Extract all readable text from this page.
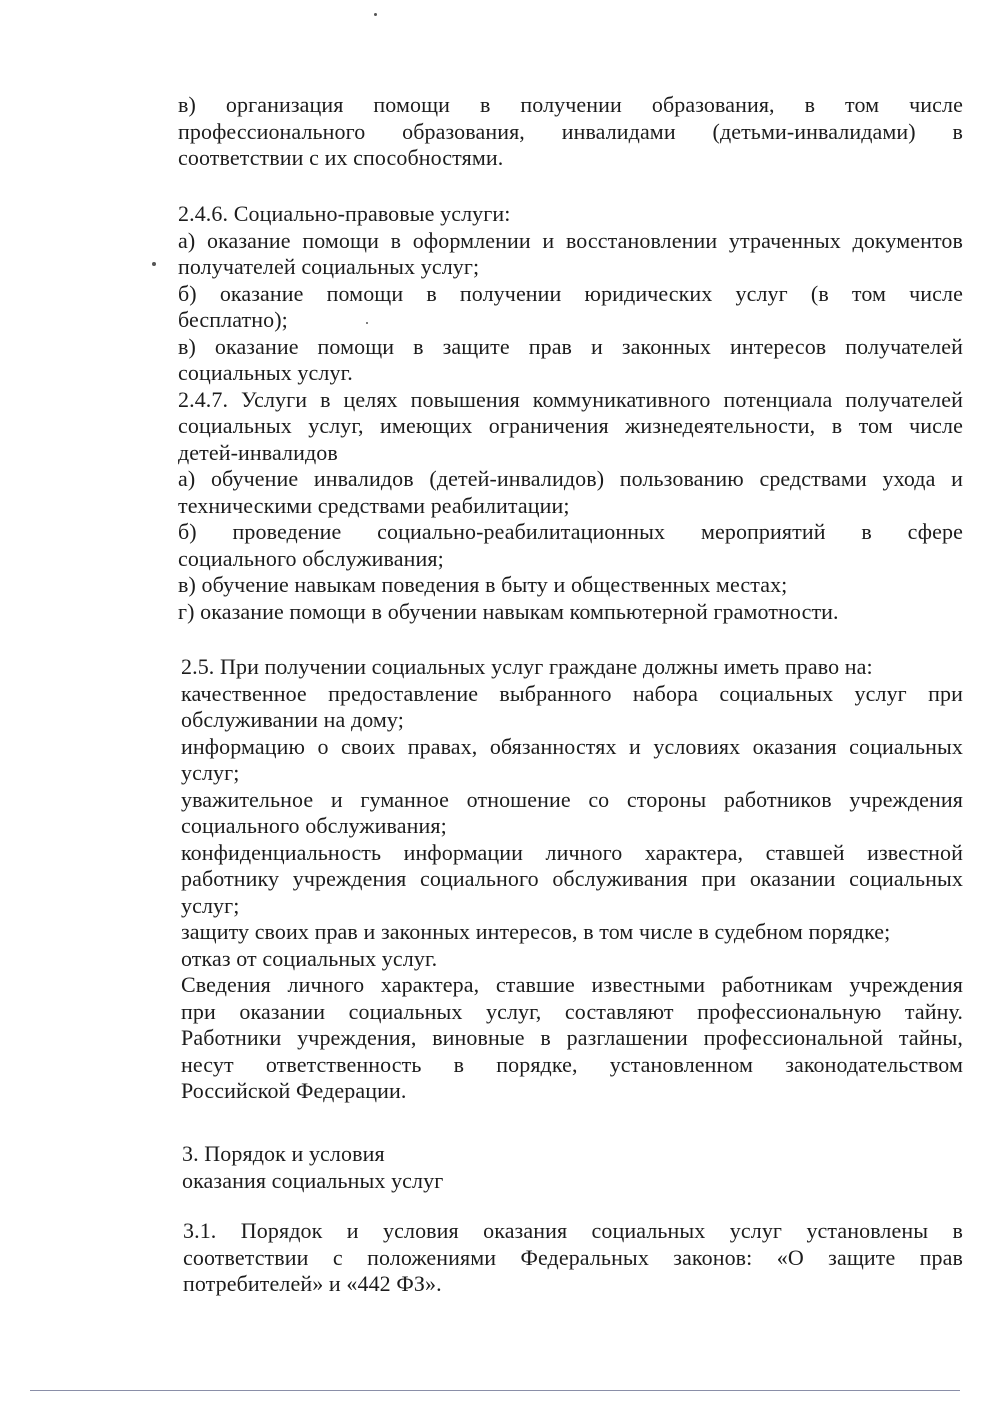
в) организация помощи в получении образования, в том числе
профессионального образования, инвалидами (детьми-инвалидами) в
соответствии с их способностями.
2.4.6. Социально-правовые услуги:
а) оказание помощи в оформлении и восстановлении утраченных документов
получателей социальных услуг;
б) оказание помощи в получении юридических услуг (в том числе
бесплатно);
в) оказание помощи в защите прав и законных интересов получателей
социальных услуг.
2.4.7. Услуги в целях повышения коммуникативного потенциала получателей
социальных услуг, имеющих ограничения жизнедеятельности, в том числе
детей-инвалидов
а) обучение инвалидов (детей-инвалидов) пользованию средствами ухода и
техническими средствами реабилитации;
б) проведение социально-реабилитационных мероприятий в сфере
социального обслуживания;
в) обучение навыкам поведения в быту и общественных местах;
г) оказание помощи в обучении навыкам компьютерной грамотности.
2.5. При получении социальных услуг граждане должны иметь право на:
качественное предоставление выбранного набора социальных услуг при
обслуживании на дому;
информацию о своих правах, обязанностях и условиях оказания социальных
услуг;
уважительное и гуманное отношение со стороны работников учреждения
социального обслуживания;
конфиденциальность информации личного характера, ставшей известной
работнику учреждения социального обслуживания при оказании социальных
услуг;
защиту своих прав и законных интересов, в том числе в судебном порядке;
отказ от социальных услуг.
Сведения личного характера, ставшие известными работникам учреждения
при оказании социальных услуг, составляют профессиональную тайну.
Работники учреждения, виновные в разглашении профессиональной тайны,
несут ответственность в порядке, установленном законодательством
Российской Федерации.
3. Порядок и условия
оказания социальных услуг
3.1. Порядок и условия оказания социальных услуг установлены в
соответствии с положениями Федеральных законов: «О защите прав
потребителей» и «442 ФЗ».
